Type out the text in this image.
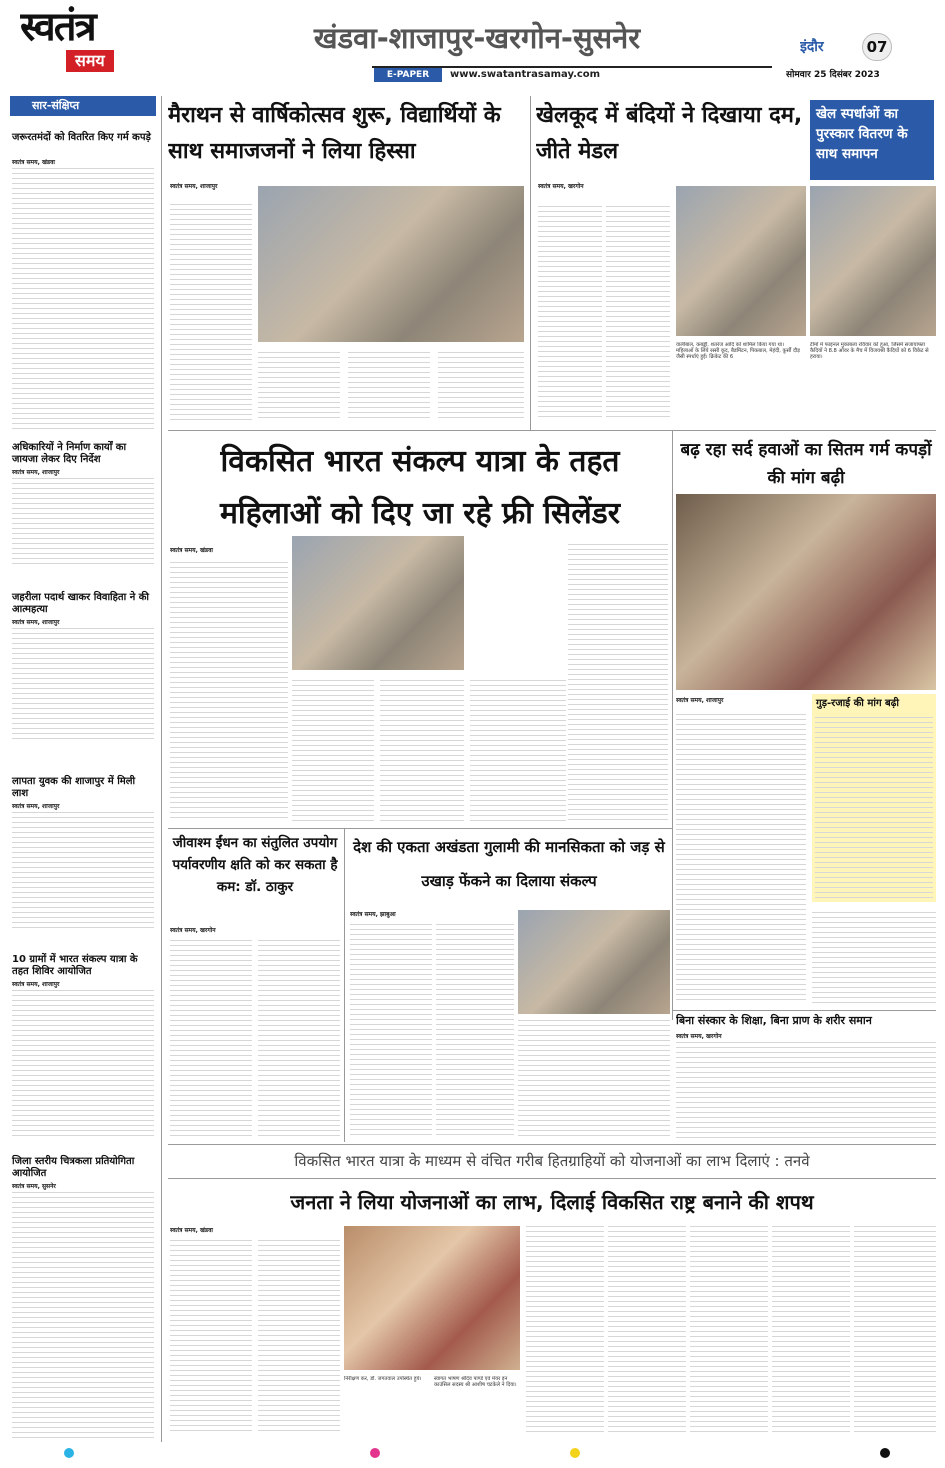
स्वतंत्र
समय
खंडवा-शाजापुर-खरगोन-सुसनेर
E-PAPER	www.swatantrasamay.com
इंदौर	07
सोमवार 25 दिसंबर 2023
सार-संक्षिप्त
जरूरतमंदों को वितरित किए गर्म कपड़े
स्वतंत्र समय, खंडवा
अधिकारियों ने निर्माण कार्यों का जायजा लेकर दिए निर्देश
स्वतंत्र समय, शाजापुर
जहरीला पदार्थ खाकर विवाहिता ने की आत्महत्या
स्वतंत्र समय, शाजापुर
लापता युवक की शाजापुर में मिली लाश
स्वतंत्र समय, शाजापुर
10 ग्रामों में भारत संकल्प यात्रा के तहत शिविर आयोजित
स्वतंत्र समय, शाजापुर
जिला स्तरीय चित्रकला प्रतियोगिता आयोजित
स्वतंत्र समय, सुसनेर
मैराथन से वार्षिकोत्सव शुरू, विद्यार्थियों के साथ समाजजनों ने लिया हिस्सा
स्वतंत्र समय, शाजापुर
खेलकूद में बंदियों ने दिखाया दम, जीते मेडल
खेल स्पर्धाओं का पुरस्कार वितरण के साथ समापन
स्वतंत्र समय, खरगोन
वालीबाल, कबड्डी, शतरंज आदि को शामिल किया गया था। महिलाओं के लिये रस्सी कूद, बैडमिंटन, पिकबाल, मेहंदी, कुर्सी दौड़ जैसी स्पर्धाएं हुईं। क्रिकेट की 6
टीमों में फाइनल मुकाबला रविवार को हुआ, जिसमें सजायाफ्ता कैदियों ने 8.8 ओवर के मैच में विजयश्री कैदियों को 6 विकेट से हराया।
विकसित भारत संकल्प यात्रा के तहत महिलाओं को दिए जा रहे फ्री सिलेंडर
स्वतंत्र समय, खंडवा
बढ़ रहा सर्द हवाओं का सितम गर्म कपड़ों की मांग बढ़ी
स्वतंत्र समय, शाजापुर	गुड़-रजाई की मांग बढ़ी
जीवाश्म ईंधन का संतुलित उपयोग पर्यावरणीय क्षति को कर सकता है कम: डॉ. ठाकुर
स्वतंत्र समय, खरगोन
देश की एकता अखंडता गुलामी की मानसिकता को जड़ से उखाड़ फेंकने का दिलाया संकल्प
स्वतंत्र समय, झाबुआ
बिना संस्कार के शिक्षा, बिना प्राण के शरीर समान
स्वतंत्र समय, खरगोन
विकसित भारत यात्रा के माध्यम से वंचित गरीब हितग्राहियों को योजनाओं का लाभ दिलाएं : तनवे
जनता ने लिया योजनाओं का लाभ, दिलाई विकसित राष्ट्र बनाने की शपथ
स्वतंत्र समय, खंडवा
निरीक्षण कर, डॉ. जगतवाल उपस्थित हुये।	स्वागत भाषण श्रीदेव पाण्डे एवं मेयर इन काउंसिल सदस्य श्री आशीष चटकेले ने दिया।
